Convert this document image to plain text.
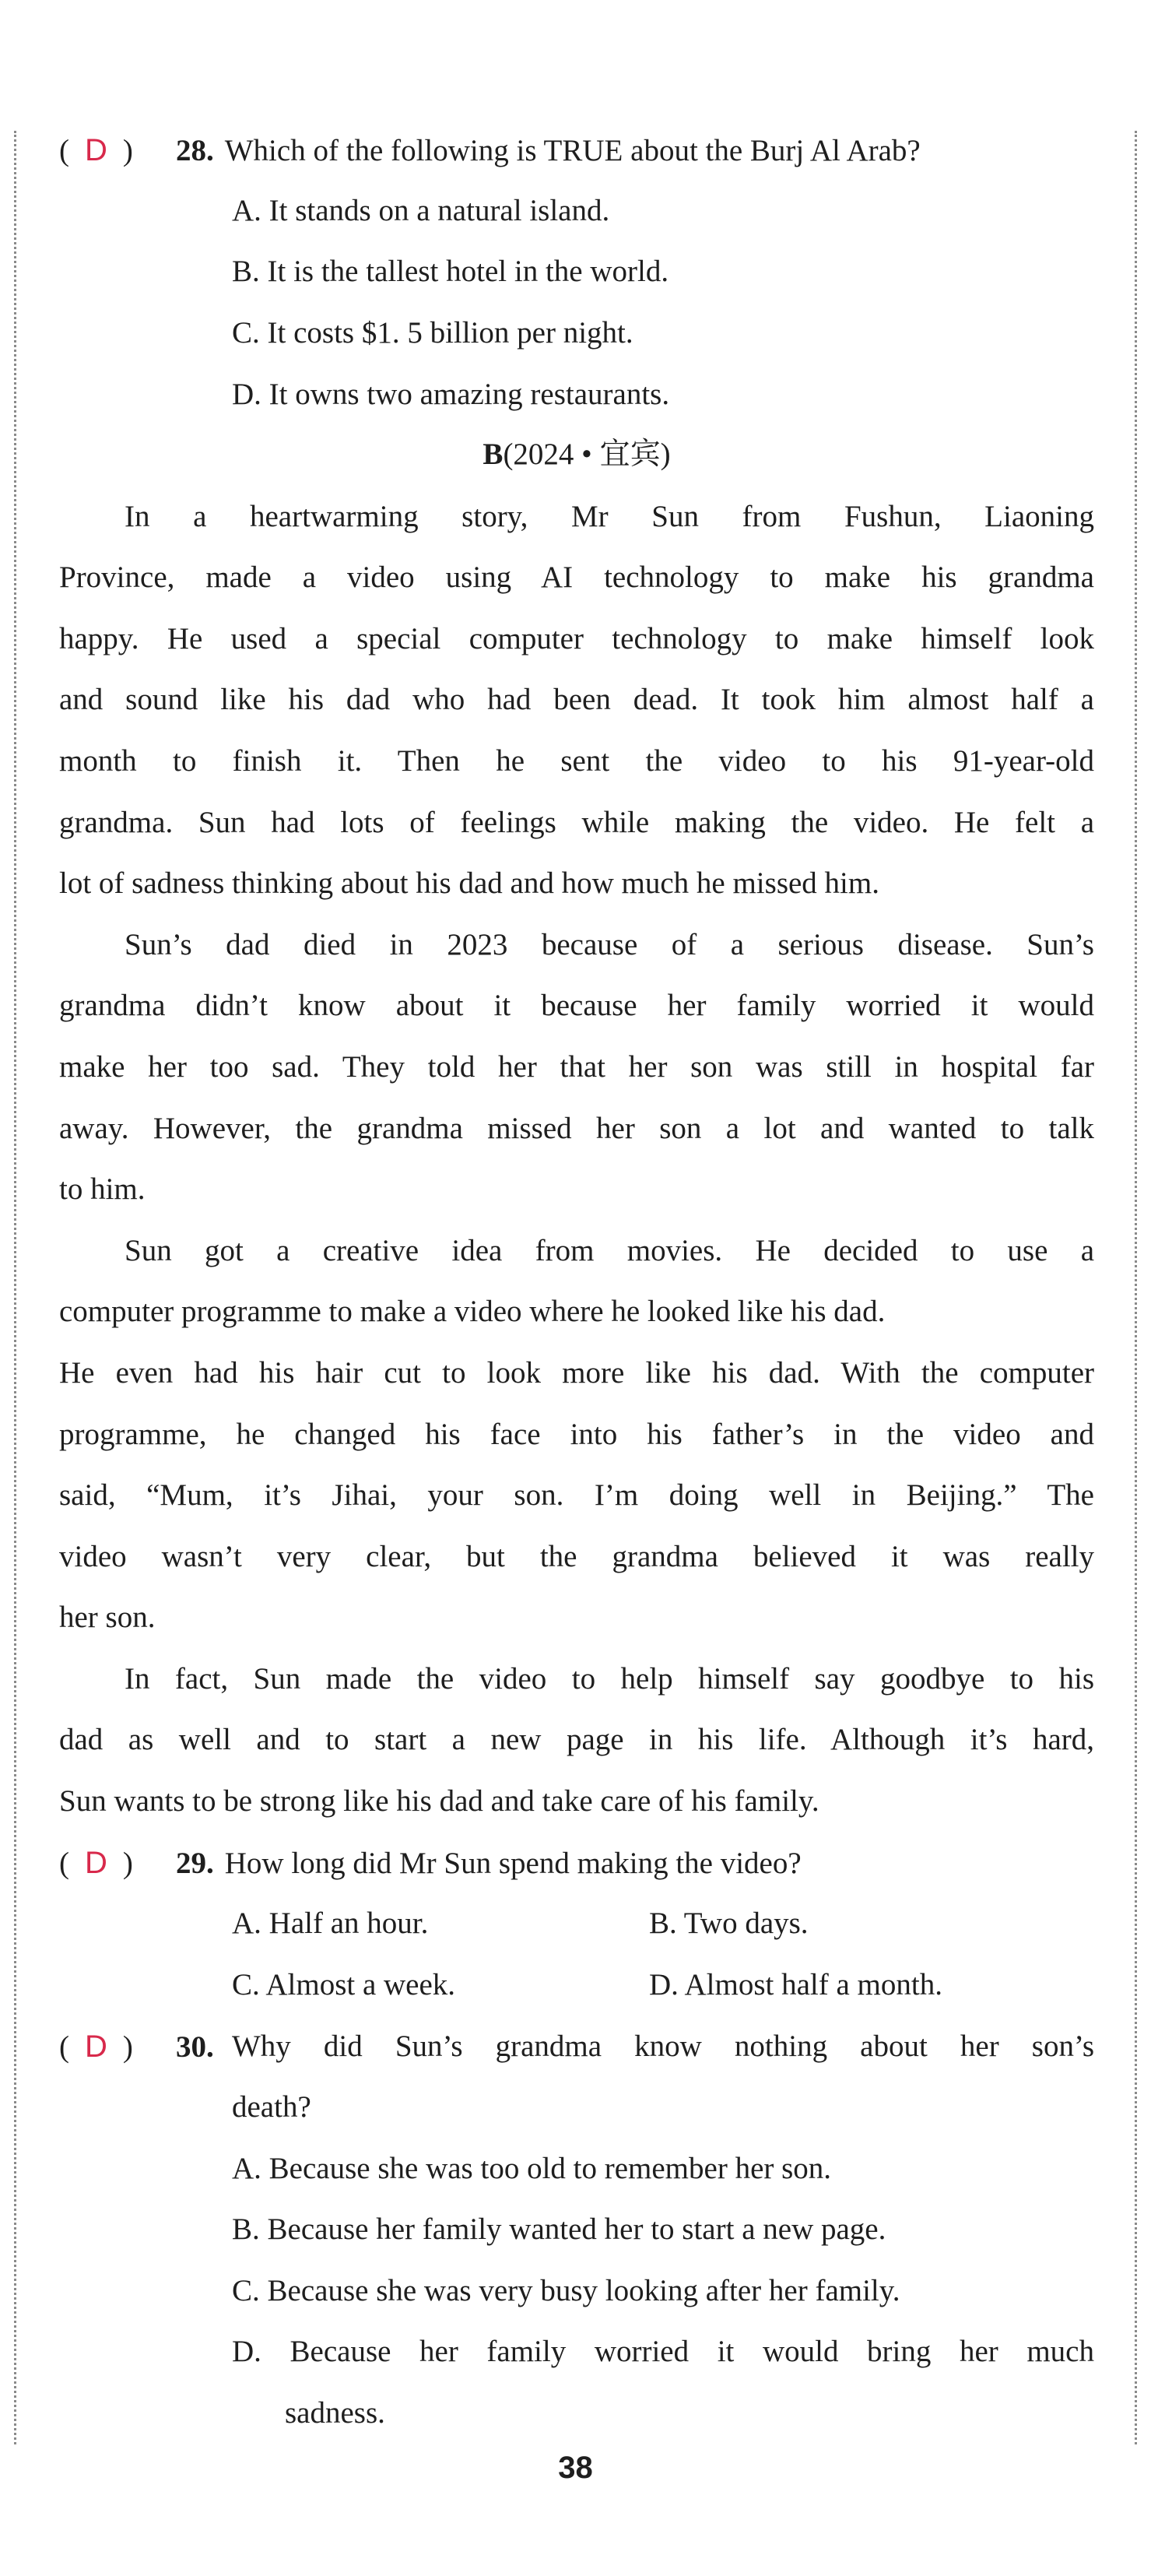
( D ) 28. Which of the following is TRUE about the Burj Al Arab?
A. It stands on a natural island.
B. It is the tallest hotel in the world.
C. It costs $1. 5 billion per night.
D. It owns two amazing restaurants.
B(2024 • 宜宾)
In a heartwarming story, Mr Sun from Fushun, Liaoning
Province, made a video using AI technology to make his grandma
happy. He used a special computer technology to make himself look
and sound like his dad who had been dead. It took him almost half a
month to finish it. Then he sent the video to his 91-year-old
grandma. Sun had lots of feelings while making the video. He felt a
lot of sadness thinking about his dad and how much he missed him.
Sun’s dad died in 2023 because of a serious disease. Sun’s
grandma didn’t know about it because her family worried it would
make her too sad. They told her that her son was still in hospital far
away. However, the grandma missed her son a lot and wanted to talk
to him.
Sun got a creative idea from movies. He decided to use a
computer programme to make a video where he looked like his dad.
He even had his hair cut to look more like his dad. With the computer
programme, he changed his face into his father’s in the video and
said, “Mum, it’s Jihai, your son. I’m doing well in Beijing.” The
video wasn’t very clear, but the grandma believed it was really
her son.
In fact, Sun made the video to help himself say goodbye to his
dad as well and to start a new page in his life. Although it’s hard,
Sun wants to be strong like his dad and take care of his family.
( D ) 29. How long did Mr Sun spend making the video?
A. Half an hour.	B. Two days.
C. Almost a week.	D. Almost half a month.
( D ) 30. Why did Sun’s grandma know nothing about her son’s
death?
A. Because she was too old to remember her son.
B. Because her family wanted her to start a new page.
C. Because she was very busy looking after her family.
D. Because her family worried it would bring her much
sadness.
38
